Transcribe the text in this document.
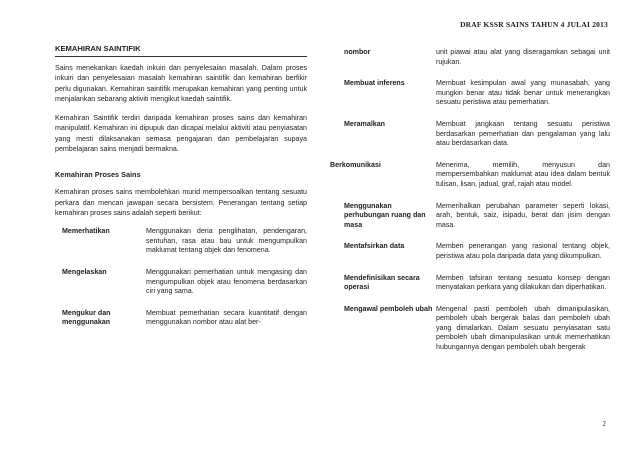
DRAF KSSR SAINS TAHUN 4 JULAI 2013
KEMAHIRAN SAINTIFIK

Sains menekankan kaedah inkuiri dan penyelesaian masalah. Dalam proses inkuiri dan penyelesaian masalah kemahiran saintifik dan kemahiran berfikir perlu digunakan. Kemahiran saintifik merupakan kemahiran yang penting untuk menjalankan sebarang aktiviti mengikut kaedah saintifik.

Kemahiran Saintifik terdiri daripada kemahiran proses sains dan kemahiran manipulatif. Kemahiran ini dipupuk dan dicapai melalui aktiviti atau penyiasatan yang mesti dilaksanakan semasa pengajaran dan pembelajaran supaya pembelajaran sains menjadi bermakna.

Kemahiran Proses Sains

Kemahiran proses sains membolehkan murid mempersoalkan tentang sesuatu perkara dan mencari jawapan secara bersistem. Penerangan tentang setiap kemahiran proses sains adalah seperti berikut:

Memerhatikan	Menggunakan deria penglihatan, pendengaran, sentuhan, rasa atau bau untuk mengumpulkan maklumat tentang objek dan fenomena.
Mengelaskan	Menggunakan pemerhatian untuk mengasing dan mengumpulkan objek atau fenomena berdasarkan ciri yang sama.
Mengukur dan menggunakan	Membuat pemerhatian secara kuantitatif dengan menggunakan nombor atau alat ber-
nombor	unit piawai atau alat yang diseragamkan sebagai unit rujukan.
Membuat inferens	Membuat kesimpulan awal yang munasabah, yang mungkin benar atau tidak benar untuk menerangkan sesuatu peristiwa atau pemerhatian.
Meramalkan	Membuat jangkaan tentang sesuatu peristiwa berdasarkan pemerhatian dan pengalaman yang lalu atau berdasarkan data.
Berkomunikasi	Menerima, memilih, menyusun dan mempersembahkan maklumat atau idea dalam bentuk tulisan, lisan, jadual, graf, rajah atau model.
Menggunakan perhubungan ruang dan masa	Memerihalkan perubahan parameter seperti lokasi, arah, bentuk, saiz, isipadu, berat dan jisim dengan masa.
Mentafsirkan data	Memberi penerangan yang rasional tentang objek, peristiwa atau pola daripada data yang dikumpulkan.
Mendefinisikan secara operasi	Memberi tafsiran tentang sesuatu konsep dengan menyatakan perkara yang dilakukan dan diperhatikan.
Mengawal pemboleh ubah	Mengenal pasti pemboleh ubah dimanipulasikan, pemboleh ubah bergerak balas dan pemboleh ubah yang dimalarkan. Dalam sesuatu penyiasatan satu pemboleh ubah dimanipulasikan untuk memerhatikan hubungannya dengan pemboleh ubah bergerak
2
